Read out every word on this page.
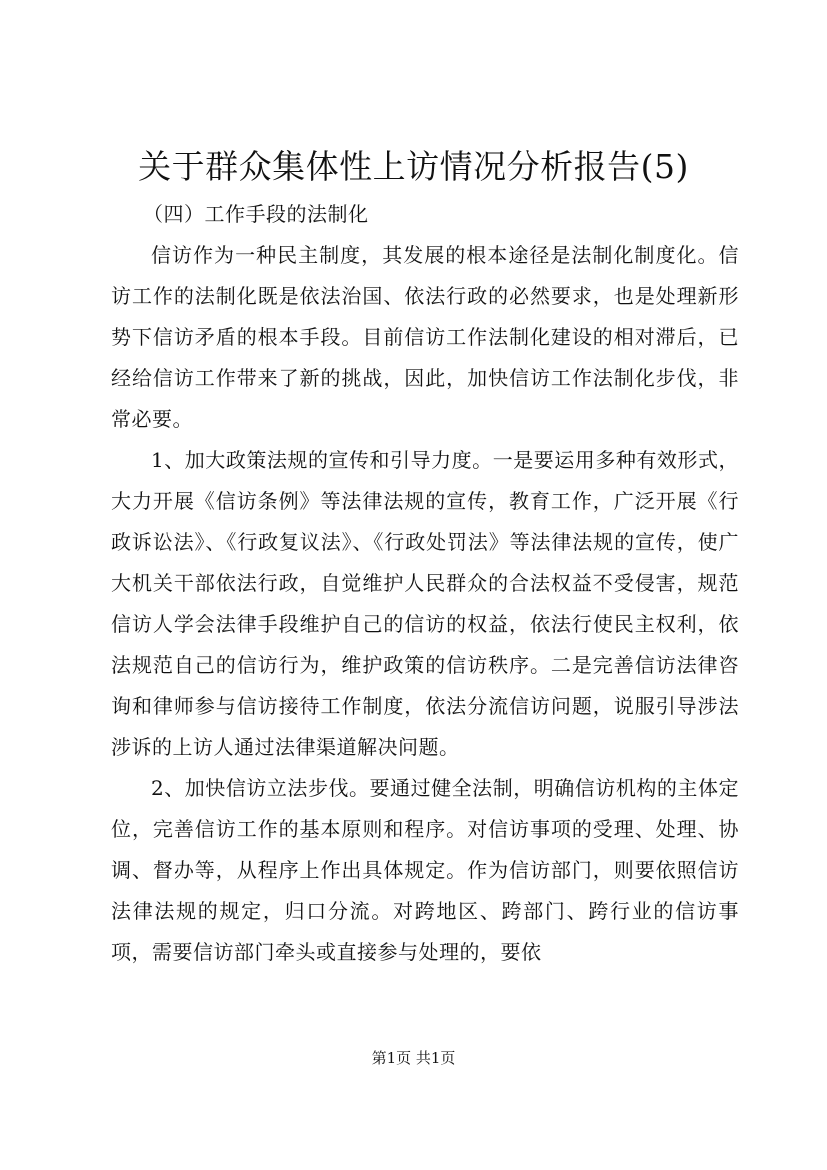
关于群众集体性上访情况分析报告(5)

（四）工作手段的法制化

信访作为一种民主制度，其发展的根本途径是法制化制度化。信访工作的法制化既是依法治国、依法行政的必然要求，也是处理新形势下信访矛盾的根本手段。目前信访工作法制化建设的相对滞后，已经给信访工作带来了新的挑战，因此，加快信访工作法制化步伐，非常必要。

1、加大政策法规的宣传和引导力度。一是要运用多种有效形式，大力开展《信访条例》等法律法规的宣传，教育工作，广泛开展《行政诉讼法》、《行政复议法》、《行政处罚法》等法律法规的宣传，使广大机关干部依法行政，自觉维护人民群众的合法权益不受侵害，规范信访人学会法律手段维护自己的信访的权益，依法行使民主权利，依法规范自己的信访行为，维护政策的信访秩序。二是完善信访法律咨询和律师参与信访接待工作制度，依法分流信访问题，说服引导涉法涉诉的上访人通过法律渠道解决问题。

2、加快信访立法步伐。要通过健全法制，明确信访机构的主体定位，完善信访工作的基本原则和程序。对信访事项的受理、处理、协调、督办等，从程序上作出具体规定。作为信访部门，则要依照信访法律法规的规定，归口分流。对跨地区、跨部门、跨行业的信访事项，需要信访部门牵头或直接参与处理的，要依

第1页 共1页
